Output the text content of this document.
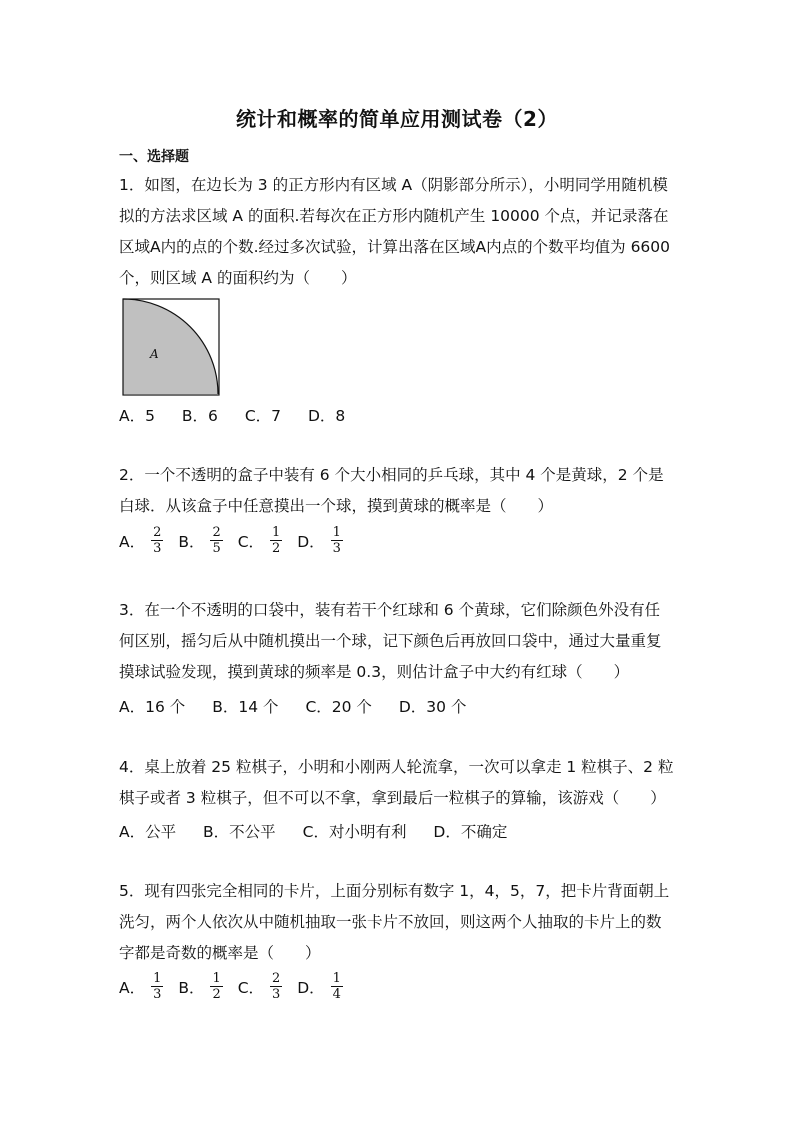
统计和概率的简单应用测试卷（2）
一、选择题

1．如图，在边长为 3 的正方形内有区域 A（阴影部分所示），小明同学用随机模

拟的方法求区域 A 的面积.若每次在正方形内随机产生 10000 个点，并记录落在

区域A内的点的个数.经过多次试验，计算出落在区域A内点的个数平均值为 6600

个，则区域 A 的面积约为（　　）

A
A．5 B．6 C．7 D．8

2．一个不透明的盒子中装有 6 个大小相同的乒乓球，其中 4 个是黄球，2 个是

白球．从该盒子中任意摸出一个球，摸到黄球的概率是（　　）

A． $\frac{2}{3}$ B． $\frac{2}{5}$ C． $\frac{1}{2}$ D． $\frac{1}{3}$

3．在一个不透明的口袋中，装有若干个红球和 6 个黄球，它们除颜色外没有任

何区别，摇匀后从中随机摸出一个球，记下颜色后再放回口袋中，通过大量重复

摸球试验发现，摸到黄球的频率是 0.3，则估计盒子中大约有红球（　　）

A．16 个 B．14 个 C．20 个 D．30 个

4．桌上放着 25 粒棋子，小明和小刚两人轮流拿，一次可以拿走 1 粒棋子、2 粒

棋子或者 3 粒棋子，但不可以不拿，拿到最后一粒棋子的算输，该游戏（　　）

A．公平 B．不公平 C．对小明有利 D．不确定

5．现有四张完全相同的卡片，上面分别标有数字 1，4，5，7，把卡片背面朝上

洗匀，两个人依次从中随机抽取一张卡片不放回，则这两个人抽取的卡片上的数

字都是奇数的概率是（　　）

A． $\frac{1}{3}$ B． $\frac{1}{2}$ C． $\frac{2}{3}$ D． $\frac{1}{4}$
